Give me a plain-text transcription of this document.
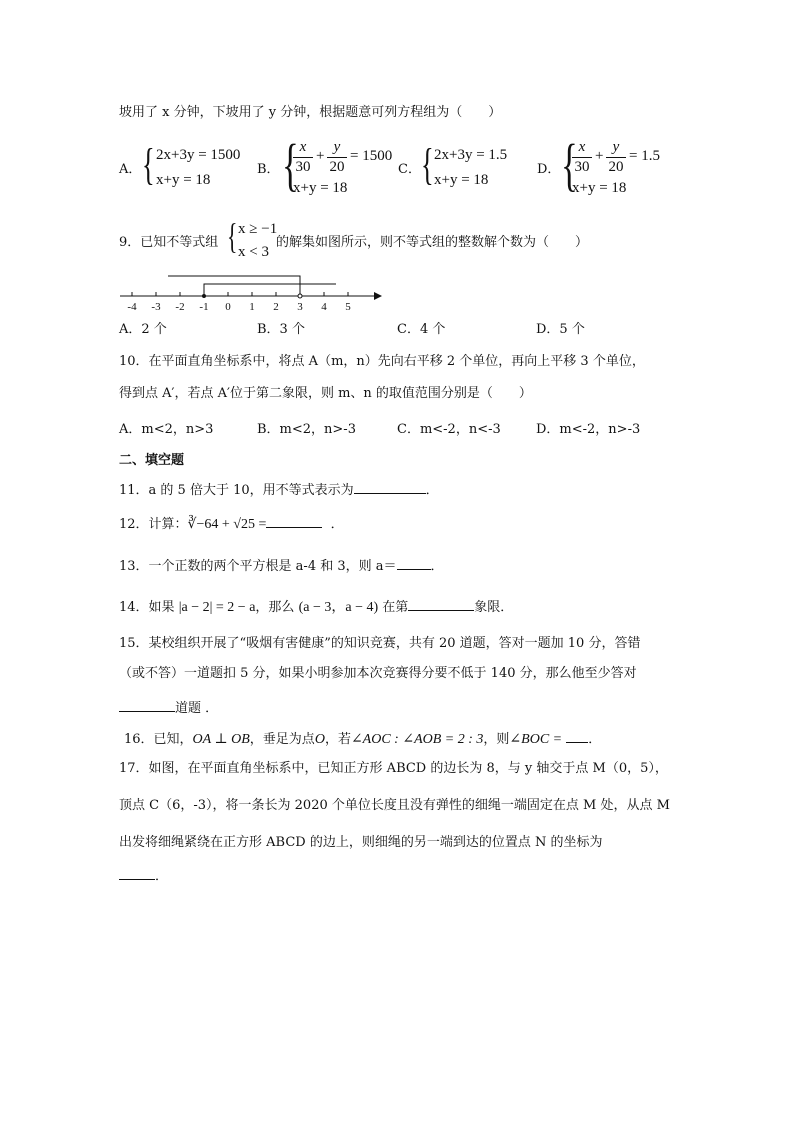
坡用了 x 分钟，下坡用了 y 分钟，根据题意可列方程组为（　　）
A． { 2x+3y = 1500
x+y = 18
B． { x
30
+
y
20
= 1500
x+y = 18
C． { 2x+3y = 1.5
x+y = 18
D． { x
30
+
y
20
= 1.5
x+y = 18
9．已知不等式组 { x ≥ −1
x < 3
的解集如图所示，则不等式组的整数解个数为（　　）
-4 -3 -2 -1 0 1 2 3 4 5
A．2 个	B．3 个	C．4 个	D．5 个
10．在平面直角坐标系中，将点 A（m，n）先向右平移 2 个单位，再向上平移 3 个单位，
得到点 A′，若点 A′位于第二象限，则 m、n 的取值范围分别是（　　）
A．m<2，n>3	B．m<2，n>-3	C．m<-2，n<-3	D．m<-2，n>-3
二、填空题
11．a 的 5 倍大于 10，用不等式表示为	．
12．计算：∛−64 + √25 =	．
13．一个正数的两个平方根是 a-4 和 3，则 a＝	．
14．如果 |a − 2| = 2 − a，那么 (a − 3，a − 4) 在第	象限．
15．某校组织开展了“吸烟有害健康”的知识竞赛，共有 20 道题，答对一题加 10 分，答错
（或不答）一道题扣 5 分，如果小明参加本次竞赛得分要不低于 140 分，那么他至少答对
道题 ．
16．已知，OA ⊥ OB，垂足为点O，若∠AOC : ∠AOB = 2 : 3，则∠BOC = ．
17．如图，在平面直角坐标系中，已知正方形 ABCD 的边长为 8，与 y 轴交于点 M（0，5），
顶点 C（6，-3），将一条长为 2020 个单位长度且没有弹性的细绳一端固定在点 M 处，从点 M
出发将细绳紧绕在正方形 ABCD 的边上，则细绳的另一端到达的位置点 N 的坐标为
．
